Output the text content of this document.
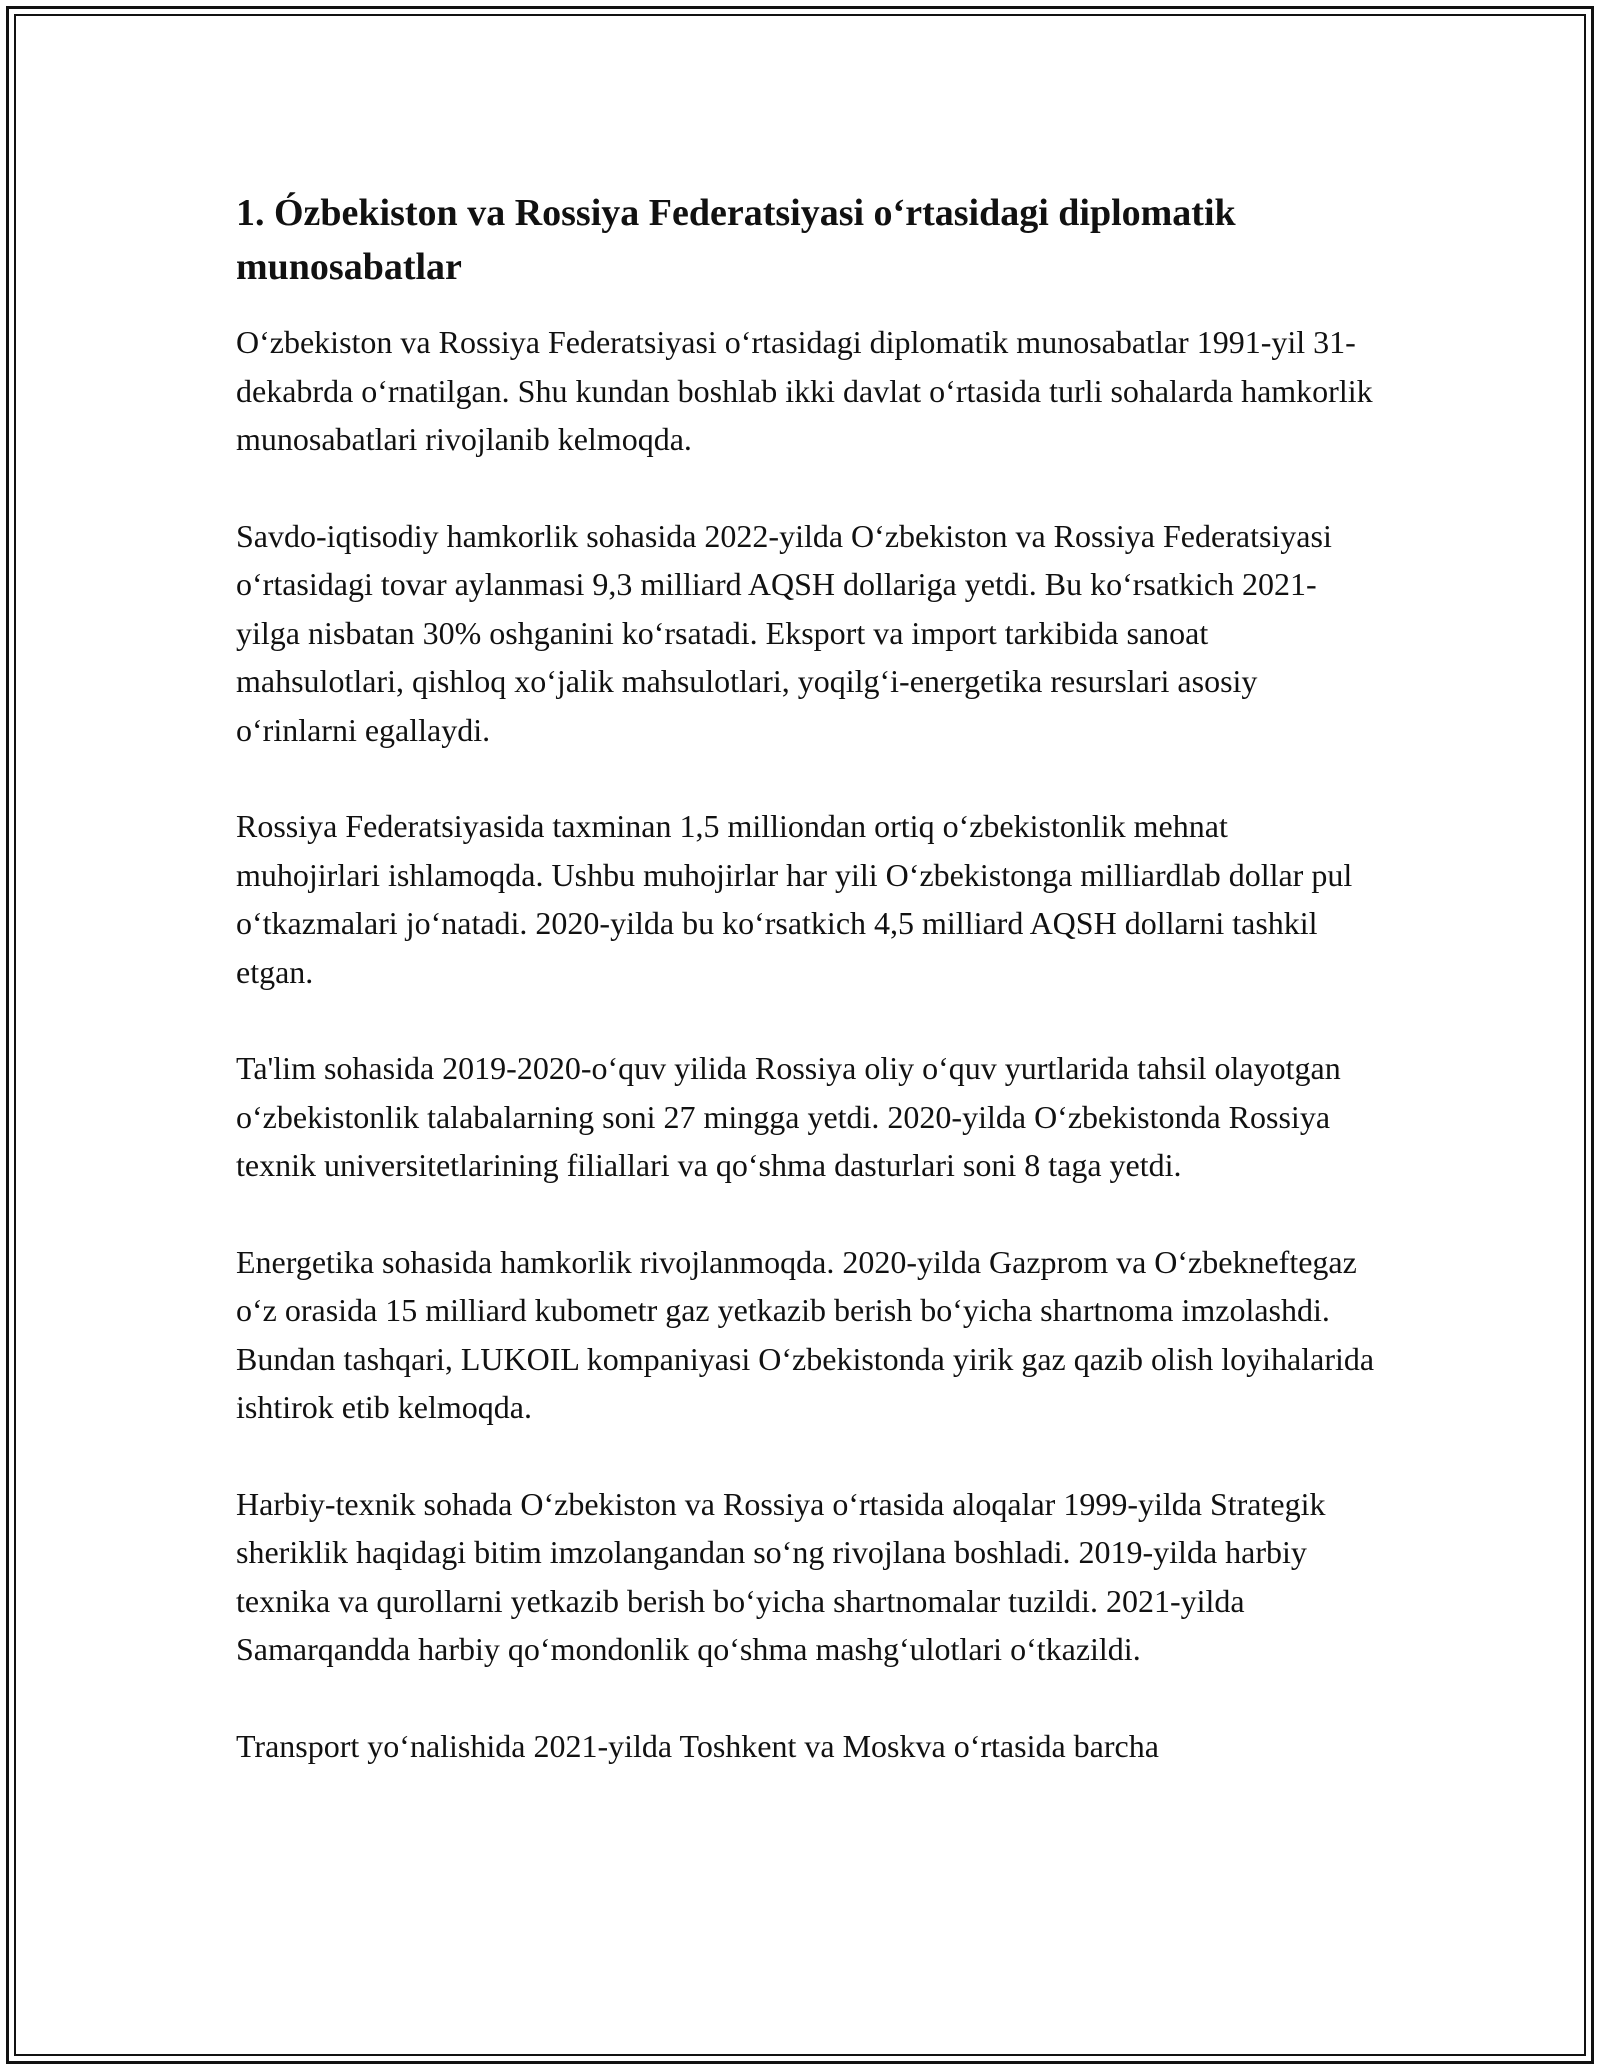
1. Ózbekiston va Rossiya Federatsiyasi oʻrtasidagi diplomatik munosabatlar

Oʻzbekiston va Rossiya Federatsiyasi oʻrtasidagi diplomatik munosabatlar 1991-yil 31-dekabrda oʻrnatilgan. Shu kundan boshlab ikki davlat oʻrtasida turli sohalarda hamkorlik munosabatlari rivojlanib kelmoqda.

Savdo-iqtisodiy hamkorlik sohasida 2022-yilda Oʻzbekiston va Rossiya Federatsiyasi oʻrtasidagi tovar aylanmasi 9,3 milliard AQSH dollariga yetdi. Bu koʻrsatkich 2021-yilga nisbatan 30% oshganini koʻrsatadi. Eksport va import tarkibida sanoat mahsulotlari, qishloq xoʻjalik mahsulotlari, yoqilgʻi-energetika resurslari asosiy oʻrinlarni egallaydi.

Rossiya Federatsiyasida taxminan 1,5 milliondan ortiq oʻzbekistonlik mehnat muhojirlari ishlamoqda. Ushbu muhojirlar har yili Oʻzbekistonga milliardlab dollar pul oʻtkazmalari joʻnatadi. 2020-yilda bu koʻrsatkich 4,5 milliard AQSH dollarni tashkil etgan.

Ta'lim sohasida 2019-2020-oʻquv yilida Rossiya oliy oʻquv yurtlarida tahsil olayotgan oʻzbekistonlik talabalarning soni 27 mingga yetdi. 2020-yilda Oʻzbekistonda Rossiya texnik universitetlarining filiallari va qoʻshma dasturlari soni 8 taga yetdi.

Energetika sohasida hamkorlik rivojlanmoqda. 2020-yilda Gazprom va Oʻzbekneftegaz oʻz orasida 15 milliard kubometr gaz yetkazib berish boʻyicha shartnoma imzolashdi. Bundan tashqari, LUKOIL kompaniyasi Oʻzbekistonda yirik gaz qazib olish loyihalarida ishtirok etib kelmoqda.

Harbiy-texnik sohada Oʻzbekiston va Rossiya oʻrtasida aloqalar 1999-yilda Strategik sheriklik haqidagi bitim imzolangandan soʻng rivojlana boshladi. 2019-yilda harbiy texnika va qurollarni yetkazib berish boʻyicha shartnomalar tuzildi. 2021-yilda Samarqandda harbiy qoʻmondonlik qoʻshma mashgʻulotlari oʻtkazildi.

Transport yoʻnalishida 2021-yilda Toshkent va Moskva oʻrtasida barcha
